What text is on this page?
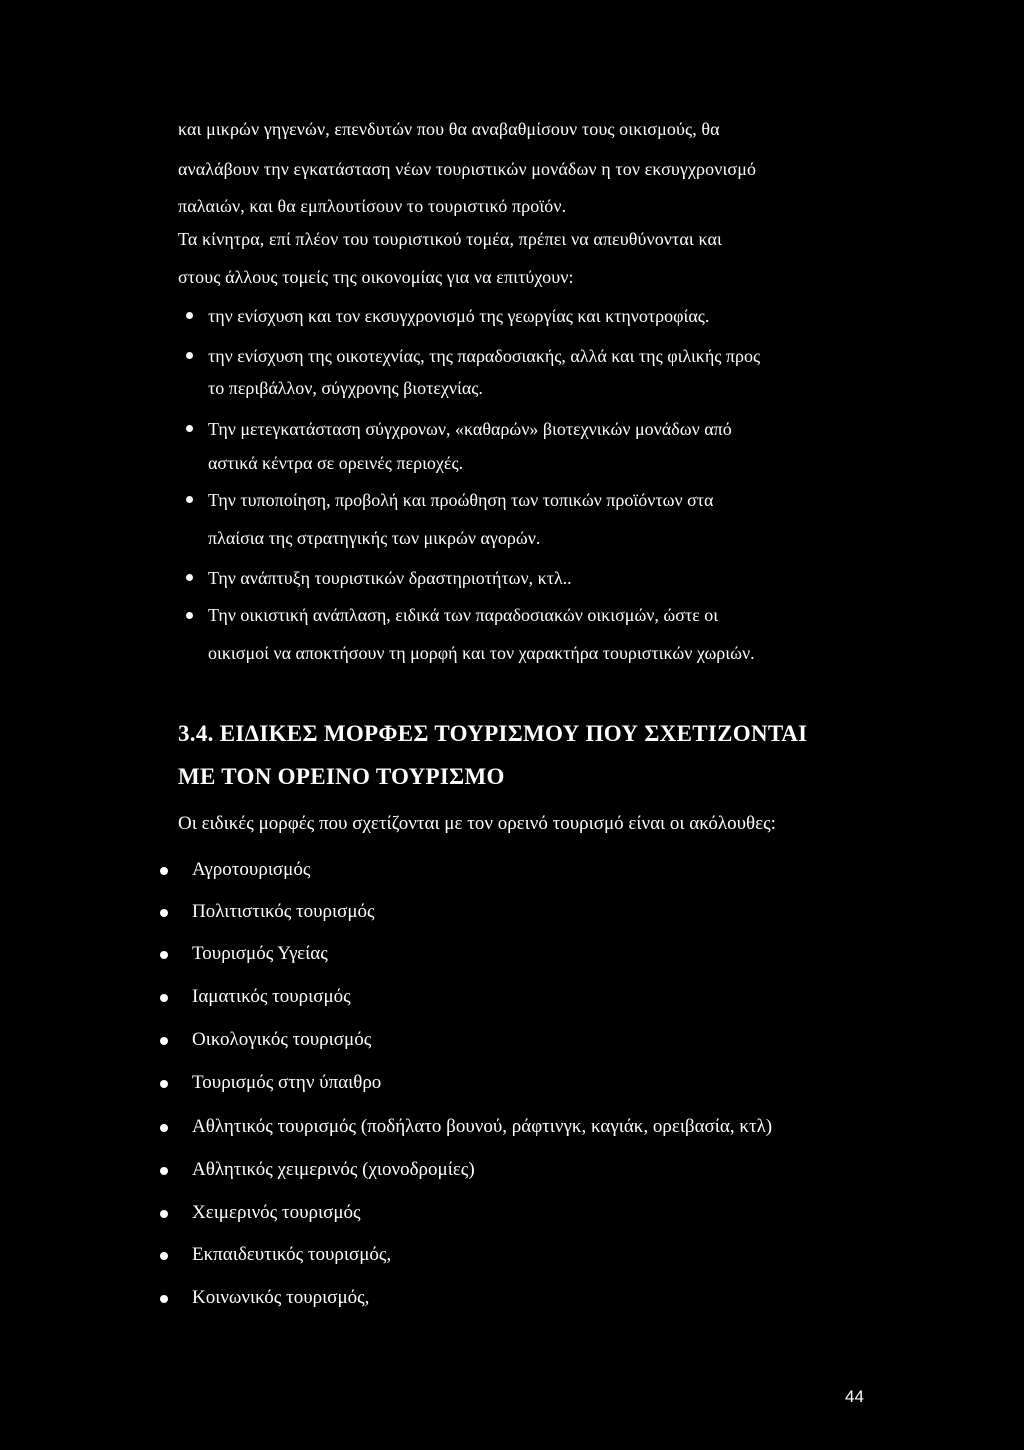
και μικρών γηγενών, επενδυτών που θα αναβαθμίσουν τους οικισμούς, θα
αναλάβουν την εγκατάσταση νέων τουριστικών μονάδων η τον εκσυγχρονισμό
παλαιών, και θα εμπλουτίσουν το τουριστικό προϊόν.
Τα κίνητρα, επί πλέον του τουριστικού τομέα, πρέπει να απευθύνονται και
στους άλλους τομείς της οικονομίας για να επιτύχουν:
την ενίσχυση και τον εκσυγχρονισμό της γεωργίας και κτηνοτροφίας.
την ενίσχυση της οικοτεχνίας, της παραδοσιακής, αλλά και της φιλικής προς
το περιβάλλον, σύγχρονης βιοτεχνίας.
Την μετεγκατάσταση σύγχρονων, «καθαρών» βιοτεχνικών μονάδων από
αστικά κέντρα σε ορεινές περιοχές.
Την τυποποίηση, προβολή και προώθηση των τοπικών προϊόντων στα
πλαίσια της στρατηγικής των μικρών αγορών.
Την ανάπτυξη τουριστικών δραστηριοτήτων, κτλ..
Την οικιστική ανάπλαση, ειδικά των παραδοσιακών οικισμών, ώστε οι
οικισμοί να αποκτήσουν τη μορφή και τον χαρακτήρα τουριστικών χωριών.
3.4. ΕΙΔΙΚΕΣ ΜΟΡΦΕΣ ΤΟΥΡΙΣΜΟΥ ΠΟΥ ΣΧΕΤΙΖΟΝΤΑΙ
ΜΕ ΤΟΝ ΟΡΕΙΝΟ ΤΟΥΡΙΣΜΟ
Οι ειδικές μορφές που σχετίζονται με τον ορεινό τουρισμό είναι οι ακόλουθες:
Αγροτουρισμός
Πολιτιστικός τουρισμός
Τουρισμός Υγείας
Ιαματικός τουρισμός
Οικολογικός τουρισμός
Τουρισμός στην ύπαιθρο
Αθλητικός τουρισμός (ποδήλατο βουνού, ράφτινγκ, καγιάκ, ορειβασία, κτλ)
Αθλητικός χειμερινός (χιονοδρομίες)
Χειμερινός τουρισμός
Εκπαιδευτικός τουρισμός,
Κοινωνικός τουρισμός,
44
